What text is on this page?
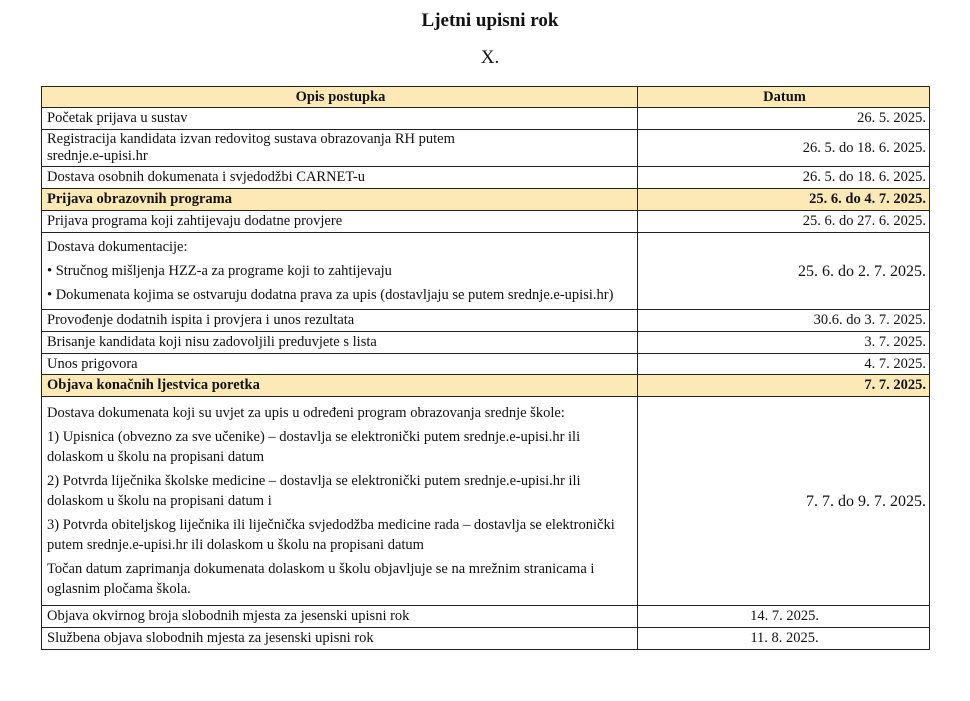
Ljetni upisni rok
X.
Opis postupka	Datum
Početak prijava u sustav	26. 5. 2025.
Registracija kandidata izvan redovitog sustava obrazovanja RH putem
srednje.e-upisi.hr	26. 5. do 18. 6. 2025.
Dostava osobnih dokumenata i svjedodžbi CARNET-u	26. 5. do 18. 6. 2025.
Prijava obrazovnih programa	25. 6. do 4. 7. 2025.
Prijava programa koji zahtijevaju dodatne provjere	25. 6. do 27. 6. 2025.

Dostava dokumentacije:

• Stručnog mišljenja HZZ-a za programe koji to zahtijevaju

• Dokumenata kojima se ostvaruju dodatna prava za upis (dostavljaju se putem srednje.e-upisi.hr)	25. 6. do 2. 7. 2025.
Provođenje dodatnih ispita i provjera i unos rezultata	30.6. do 3. 7. 2025.
Brisanje kandidata koji nisu zadovoljili preduvjete s lista	3. 7. 2025.
Unos prigovora	4. 7. 2025.
Objava konačnih ljestvica poretka	7. 7. 2025.

Dostava dokumenata koji su uvjet za upis u određeni program obrazovanja srednje škole:

1) Upisnica (obvezno za sve učenike) – dostavlja se elektronički putem srednje.e-upisi.hr ili dolaskom u školu na propisani datum

2) Potvrda liječnika školske medicine – dostavlja se elektronički putem srednje.e-upisi.hr ili dolaskom u školu na propisani datum i

3) Potvrda obiteljskog liječnika ili liječnička svjedodžba medicine rada – dostavlja se elektronički putem srednje.e-upisi.hr ili dolaskom u školu na propisani datum

Točan datum zaprimanja dokumenata dolaskom u školu objavljuje se na mrežnim stranicama i oglasnim pločama škola.	7. 7. do 9. 7. 2025.
Objava okvirnog broja slobodnih mjesta za jesenski upisni rok	14. 7. 2025.
Službena objava slobodnih mjesta za jesenski upisni rok	11. 8. 2025.
